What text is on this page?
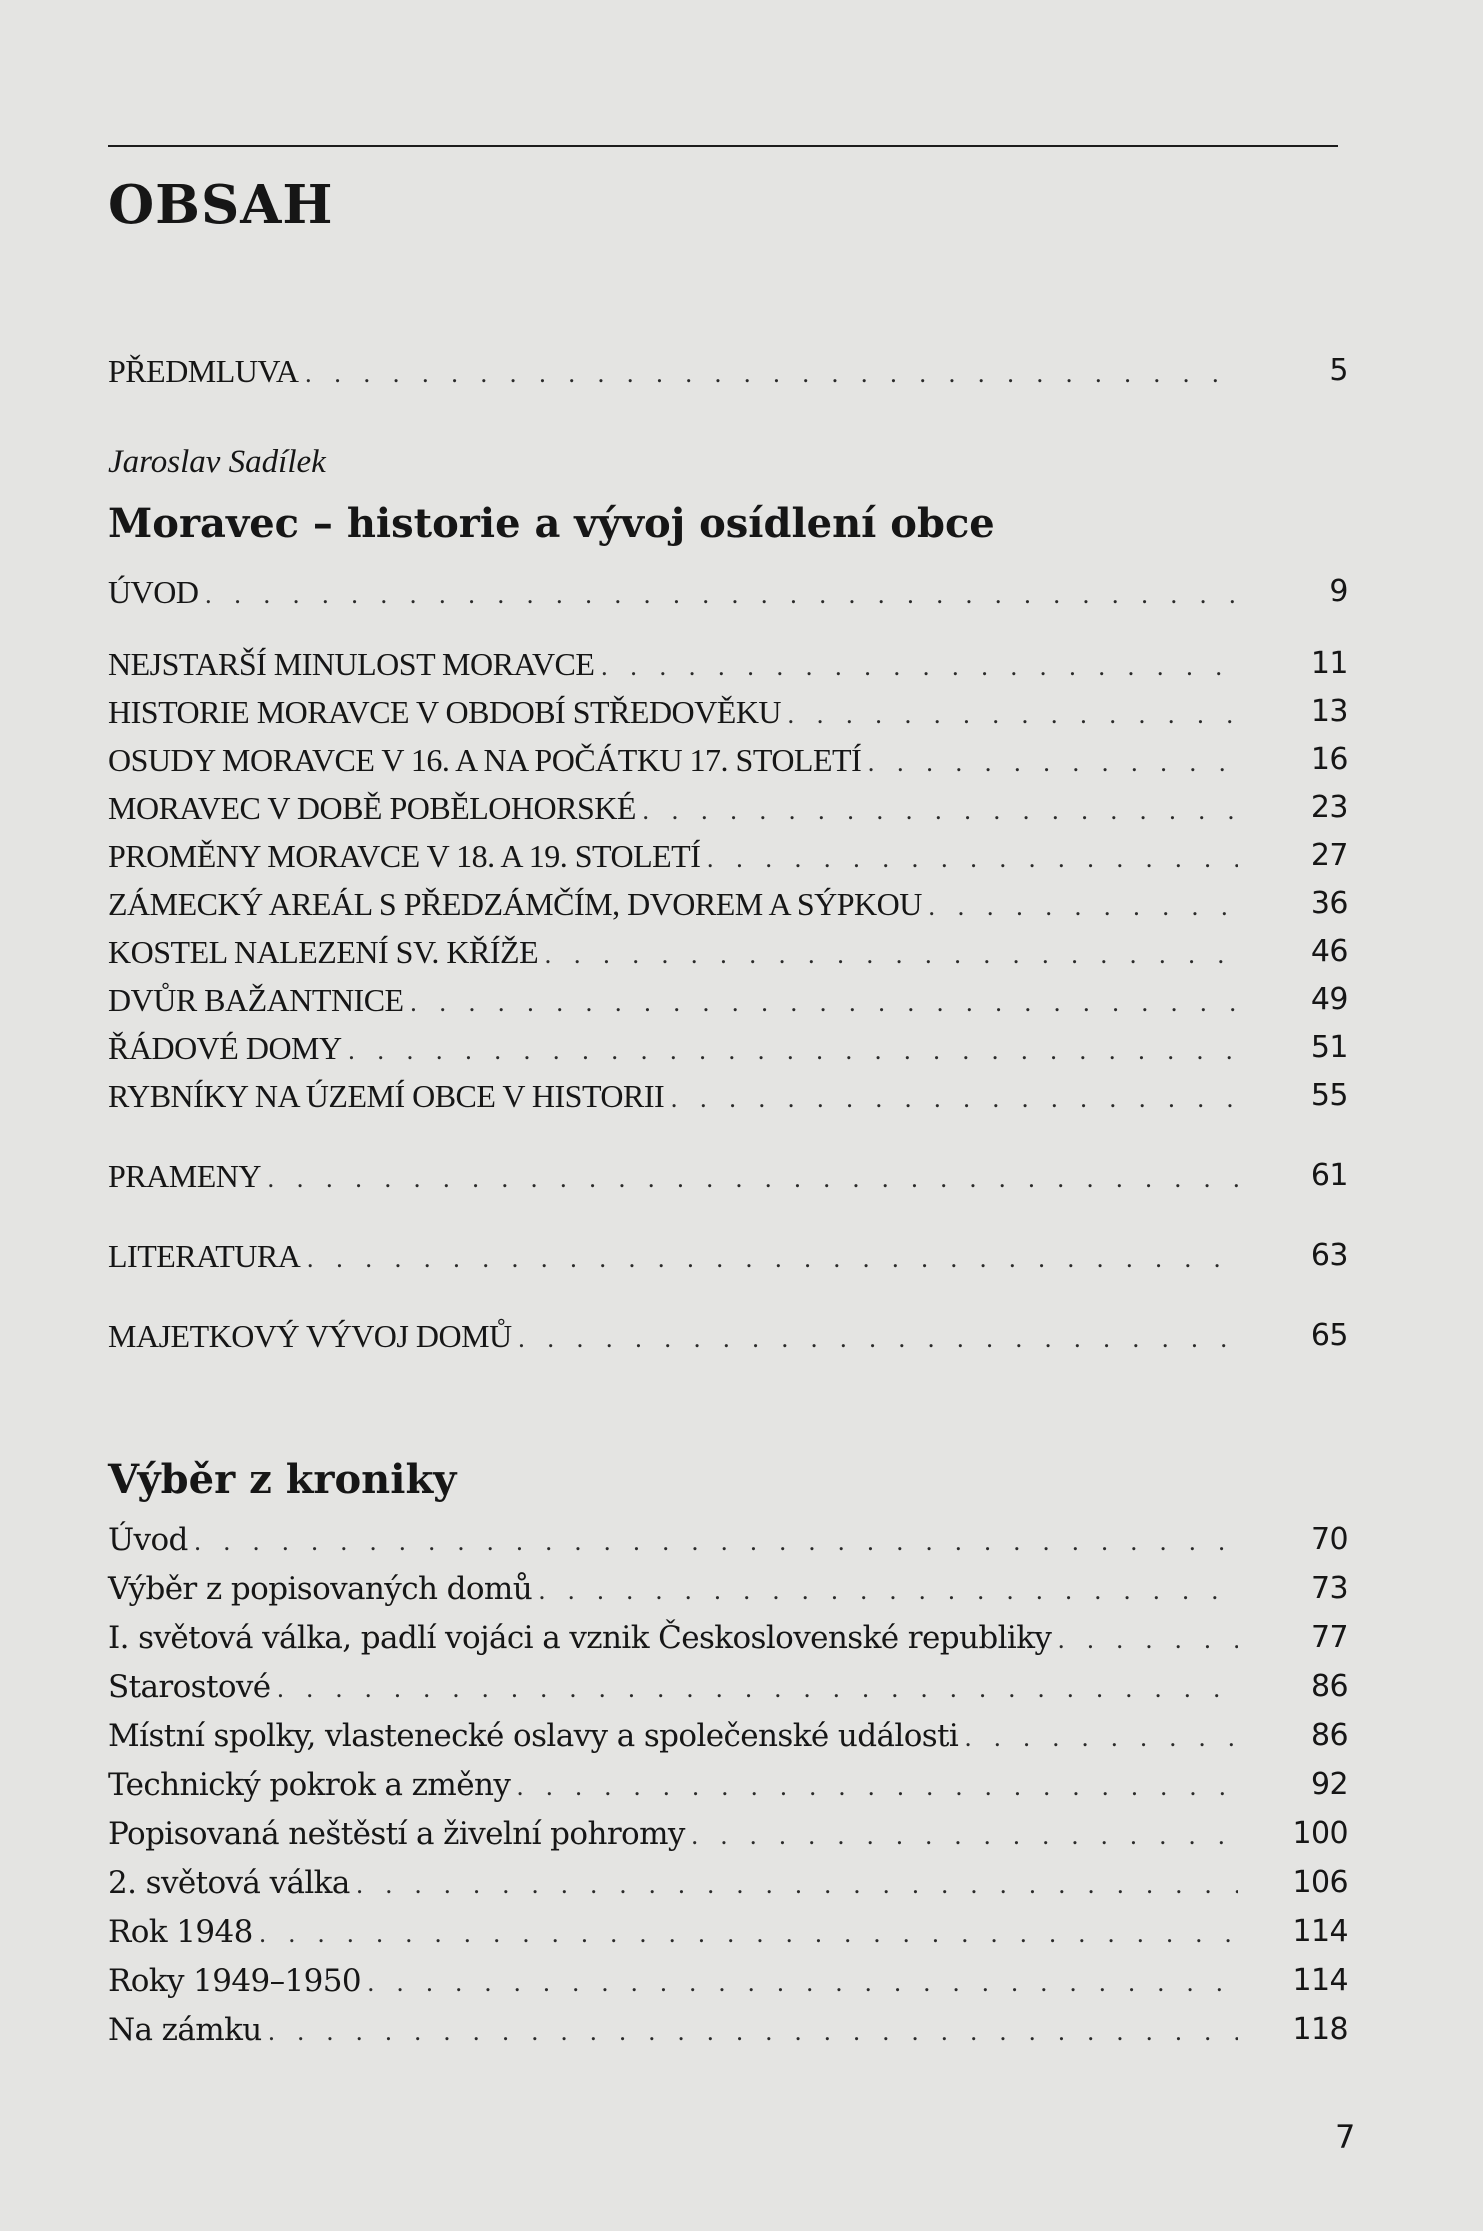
OBSAH
PŘEDMLUVA . . .	5
Jaroslav Sadílek
Moravec – historie a vývoj osídlení obce
ÚVOD . . .	9
NEJSTARŠÍ MINULOST MORAVCE . . .	11
HISTORIE MORAVCE V OBDOBÍ STŘEDOVĚKU . . .	13
OSUDY MORAVCE V 16. A NA POČÁTKU 17. STOLETÍ . . .	16
MORAVEC V DOBĚ POBĚLOHORSKÉ . . .	23
PROMĚNY MORAVCE V 18. A 19. STOLETÍ . . .	27
ZÁMECKÝ AREÁL S PŘEDZÁMČÍM, DVOREM A SÝPKOU . . .	36
KOSTEL NALEZENÍ SV. KŘÍŽE . . .	46
DVŮR BAŽANTNICE . . .	49
ŘÁDOVÉ DOMY . . .	51
RYBNÍKY NA ÚZEMÍ OBCE V HISTORII . . .	55
PRAMENY . . .	61
LITERATURA . . .	63
MAJETKOVÝ VÝVOJ DOMŮ . . .	65
Výběr z kroniky
Úvod . . .	70
Výběr z popisovaných domů . . .	73
I. světová válka, padlí vojáci a vznik Československé republiky . . .	77
Starostové . . .	86
Místní spolky, vlastenecké oslavy a společenské události . . .	86
Technický pokrok a změny . . .	92
Popisovaná neštěstí a živelní pohromy . . .	100
2. světová válka . . .	106
Rok 1948 . . .	114
Roky 1949–1950 . . .	114
Na zámku . . .	118
7
